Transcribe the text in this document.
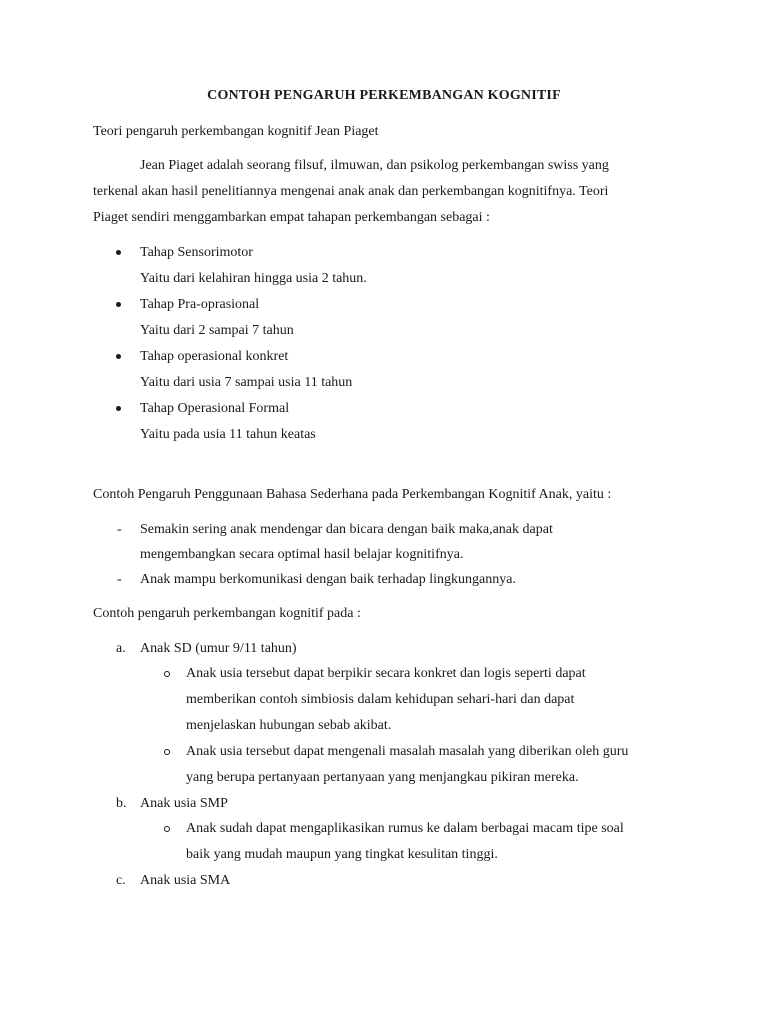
CONTOH PENGARUH PERKEMBANGAN KOGNITIF
Teori pengaruh perkembangan kognitif Jean Piaget
Jean Piaget adalah seorang filsuf, ilmuwan, dan psikolog perkembangan swiss yang
terkenal akan hasil penelitiannya mengenai anak anak dan perkembangan kognitifnya. Teori
Piaget sendiri menggambarkan empat tahapan perkembangan sebagai :
Tahap Sensorimotor
Yaitu dari kelahiran hingga usia 2 tahun.
Tahap Pra-oprasional
Yaitu dari 2 sampai 7 tahun
Tahap operasional konkret
Yaitu dari usia 7 sampai usia 11 tahun
Tahap Operasional Formal
Yaitu pada usia 11 tahun keatas
Contoh Pengaruh Penggunaan Bahasa Sederhana pada Perkembangan Kognitif Anak, yaitu :
- Semakin sering anak mendengar dan bicara dengan baik maka,anak dapat
mengembangkan secara optimal hasil belajar kognitifnya.
- Anak mampu berkomunikasi dengan baik terhadap lingkungannya.
Contoh pengaruh perkembangan kognitif pada :
a. Anak SD (umur 9/11 tahun)
Anak usia tersebut dapat berpikir secara konkret dan logis seperti dapat
memberikan contoh simbiosis dalam kehidupan sehari-hari dan dapat
menjelaskan hubungan sebab akibat.
Anak usia tersebut dapat mengenali masalah masalah yang diberikan oleh guru
yang berupa pertanyaan pertanyaan yang menjangkau pikiran mereka.
b. Anak usia SMP
Anak sudah dapat mengaplikasikan rumus ke dalam berbagai macam tipe soal
baik yang mudah maupun yang tingkat kesulitan tinggi.
c. Anak usia SMA
